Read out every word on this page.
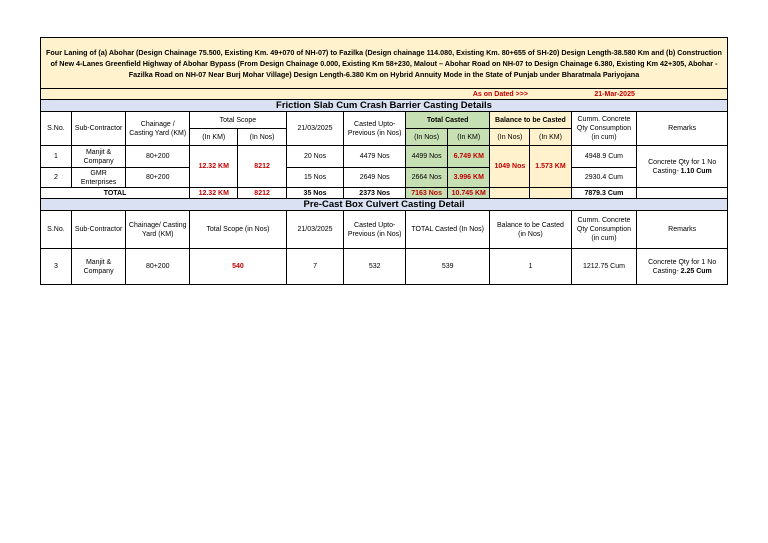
Four Laning of (a) Abohar (Design Chainage 75.500, Existing Km. 49+070 of NH-07) to Fazilka (Design chainage 114.080, Existing Km. 80+655 of SH-20) Design Length-38.580 Km and (b) Construction of New 4-Lanes Greenfield Highway of Abohar Bypass (From Design Chainage 0.000, Existing Km 58+230, Malout – Abohar Road on NH-07 to Design Chainage 6.380, Existing Km 42+305, Abohar - Fazilka Road on NH-07 Near Burj Mohar Village) Design Length-6.380 Km on Hybrid Annuity Mode in the State of Punjab under Bharatmala Pariyojana												
As on Dated >>>										21-Mar-2025		
Friction Slab Cum Crash Barrier Casting Details												
S.No.	Sub-Contractor	Chainage / Casting Yard (KM)	Total Scope		21/03/2025	Casted Upto-Previous (in Nos)	Total Casted		Balance to be Casted		Cumm. Concrete Qty Consumption (in cum)	Remarks
			(In KM)	(In Nos)			(In Nos)	(In KM)	(In Nos)	(In KM)		
1	Manjit & Company	80+200	12.32 KM	8212	20 Nos	4479 Nos	4499 Nos	6.749 KM	1049 Nos	1.573 KM	4948.9 Cum	Concrete Qty for 1 No Casting- 1.10 Cum
2	GMR Enterprises	80+200			15 Nos	2649 Nos	2664 Nos	3.996 KM			2930.4 Cum	
TOTAL			12.32 KM	8212	35 Nos	2373 Nos	7163 Nos	10.745 KM			7879.3 Cum	
Pre-Cast Box Culvert Casting Detail												
S.No.	Sub-Contractor	Chainage/ Casting Yard (KM)	Total Scope (in Nos)		21/03/2025	Casted Upto-Previous (in Nos)	TOTAL Casted (In Nos)		Balance to be Casted (in Nos)		Cumm. Concrete Qty Consumption (in cum)	Remarks
3	Manjit & Company	80+200	540		7	532	539		1		1212.75 Cum	Concrete Qty for 1 No Casting- 2.25 Cum
